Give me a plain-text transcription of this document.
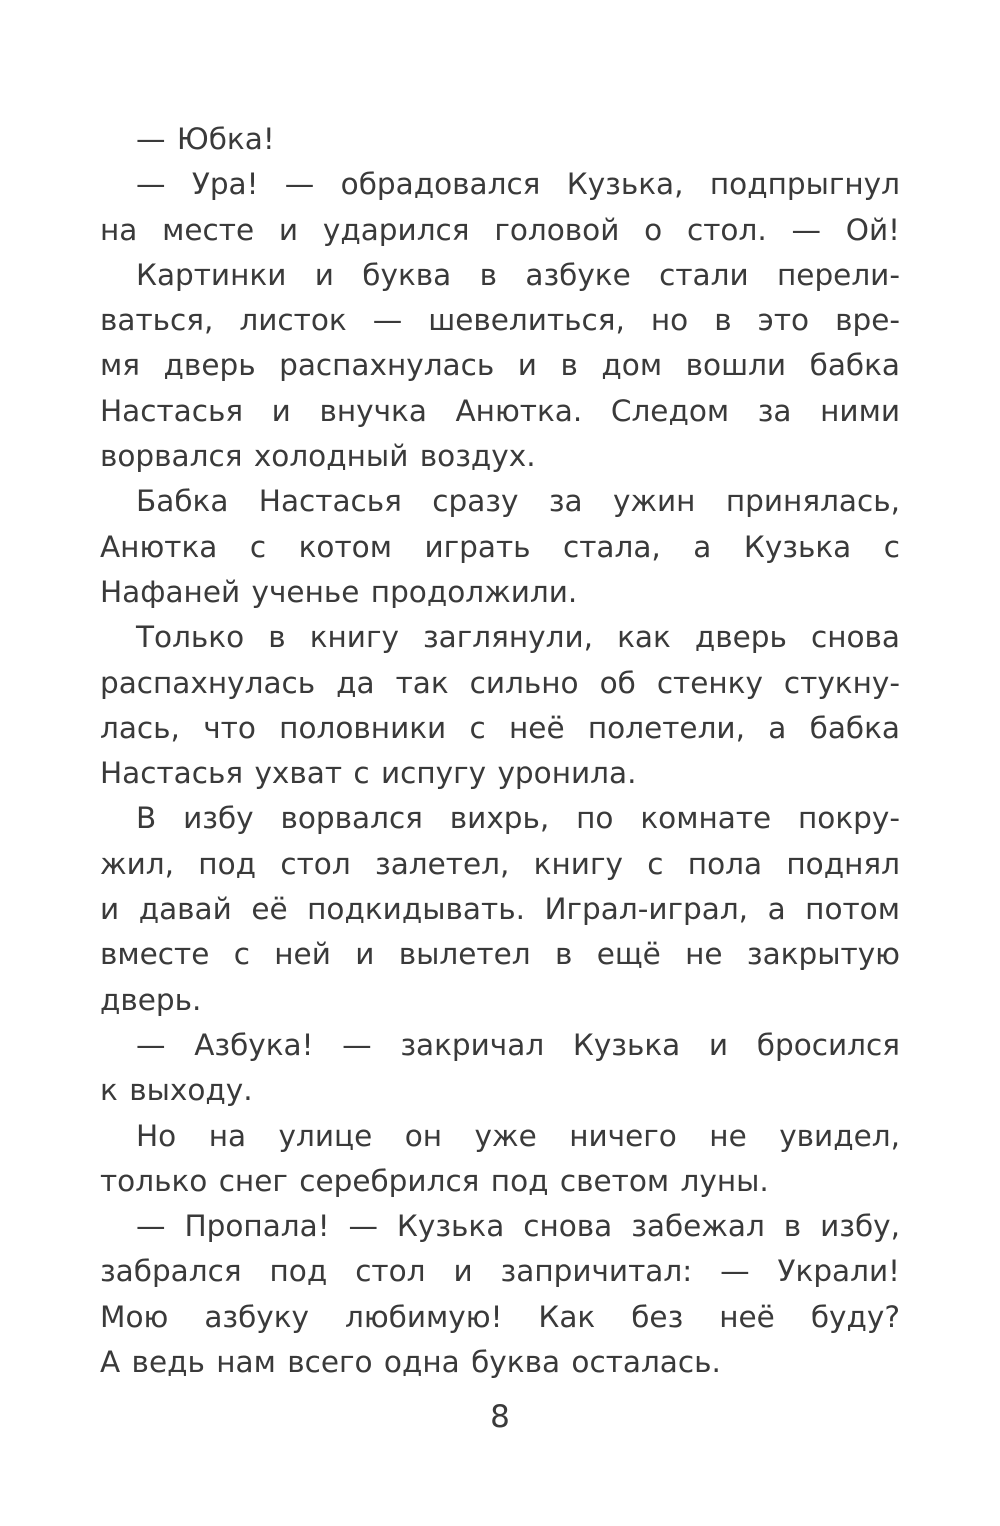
— Юбка!
— Ура! — обрадовался Кузька, подпрыгнул
на месте и ударился головой о стол. — Ой!
Картинки и буква в азбуке стали перели-
ваться, листок — шевелиться, но в это вре-
мя дверь распахнулась и в дом вошли бабка
Настасья и внучка Анютка. Следом за ними
ворвался холодный воздух.
Бабка Настасья сразу за ужин принялась,
Анютка с котом играть стала, а Кузька с
Нафаней ученье продолжили.
Только в книгу заглянули, как дверь снова
распахнулась да так сильно об стенку стукну-
лась, что половники с неё полетели, а бабка
Настасья ухват с испугу уронила.
В избу ворвался вихрь, по комнате покру-
жил, под стол залетел, книгу с пола поднял
и давай её подкидывать. Играл-играл, а потом
вместе с ней и вылетел в ещё не закрытую
дверь.
— Азбука! — закричал Кузька и бросился
к выходу.
Но на улице он уже ничего не увидел,
только снег серебрился под светом луны.
— Пропала! — Кузька снова забежал в избу,
забрался под стол и запричитал: — Украли!
Мою азбуку любимую! Как без неё буду?
А ведь нам всего одна буква осталась.
8
